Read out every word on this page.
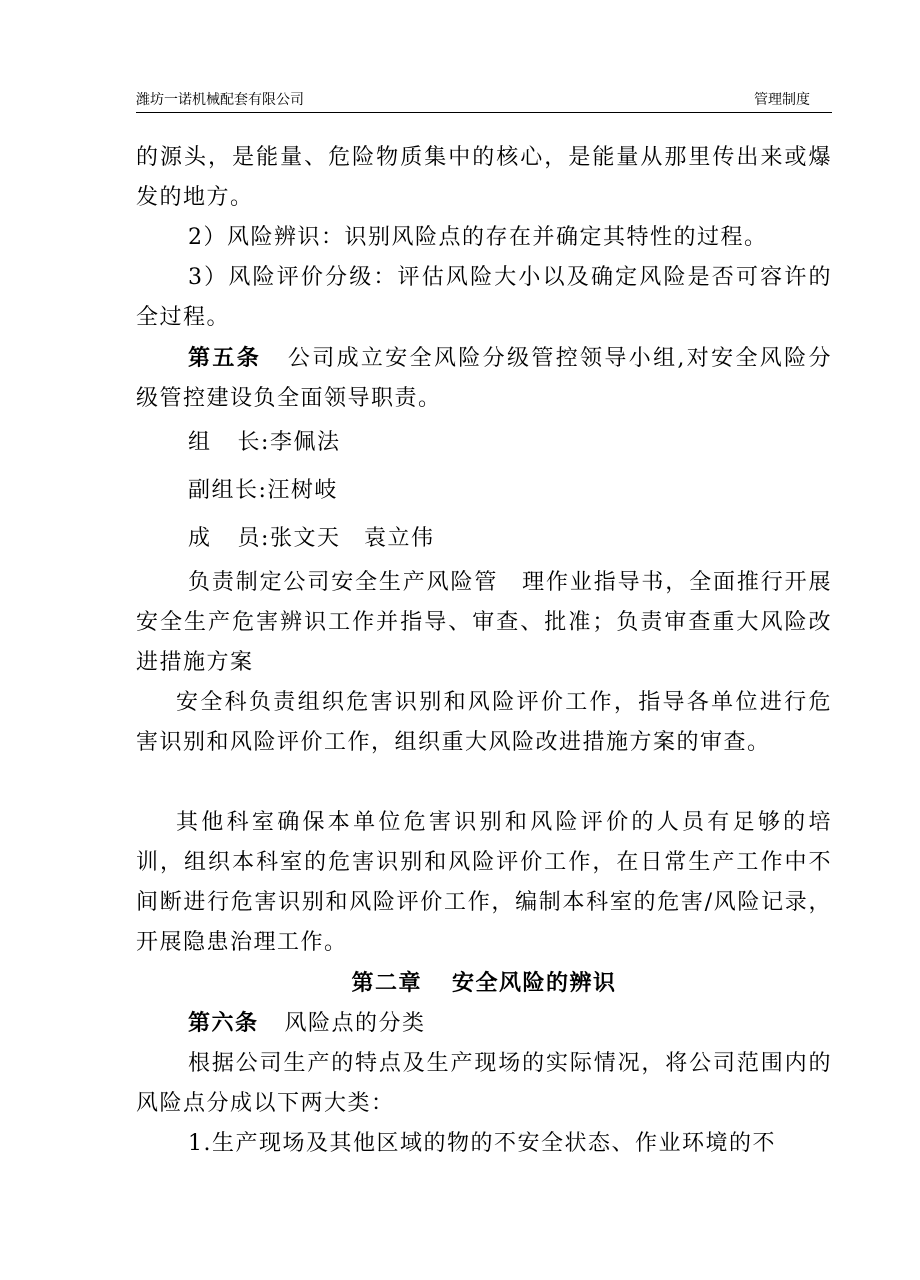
潍坊一诺机械配套有限公司	管理制度

的源头，是能量、危险物质集中的核心，是能量从那里传出来或爆发的地方。

2）风险辨识：识别风险点的存在并确定其特性的过程。

3）风险评价分级：评估风险大小以及确定风险是否可容许的全过程。

第五条 公司成立安全风险分级管控领导小组,对安全风险分级管控建设负全面领导职责。

组 长:李佩法
副组长:汪树岐
成 员:张文天　袁立伟

负责制定公司安全生产风险管　理作业指导书，全面推行开展安全生产危害辨识工作并指导、审查、批准；负责审查重大风险改进措施方案

安全科负责组织危害识别和风险评价工作，指导各单位进行危害识别和风险评价工作，组织重大风险改进措施方案的审查。

其他科室确保本单位危害识别和风险评价的人员有足够的培训，组织本科室的危害识别和风险评价工作，在日常生产工作中不间断进行危害识别和风险评价工作，编制本科室的危害/风险记录，开展隐患治理工作。

第二章 安全风险的辨识

第六条 风险点的分类

根据公司生产的特点及生产现场的实际情况，将公司范围内的风险点分成以下两大类：

1.生产现场及其他区域的物的不安全状态、作业环境的不
